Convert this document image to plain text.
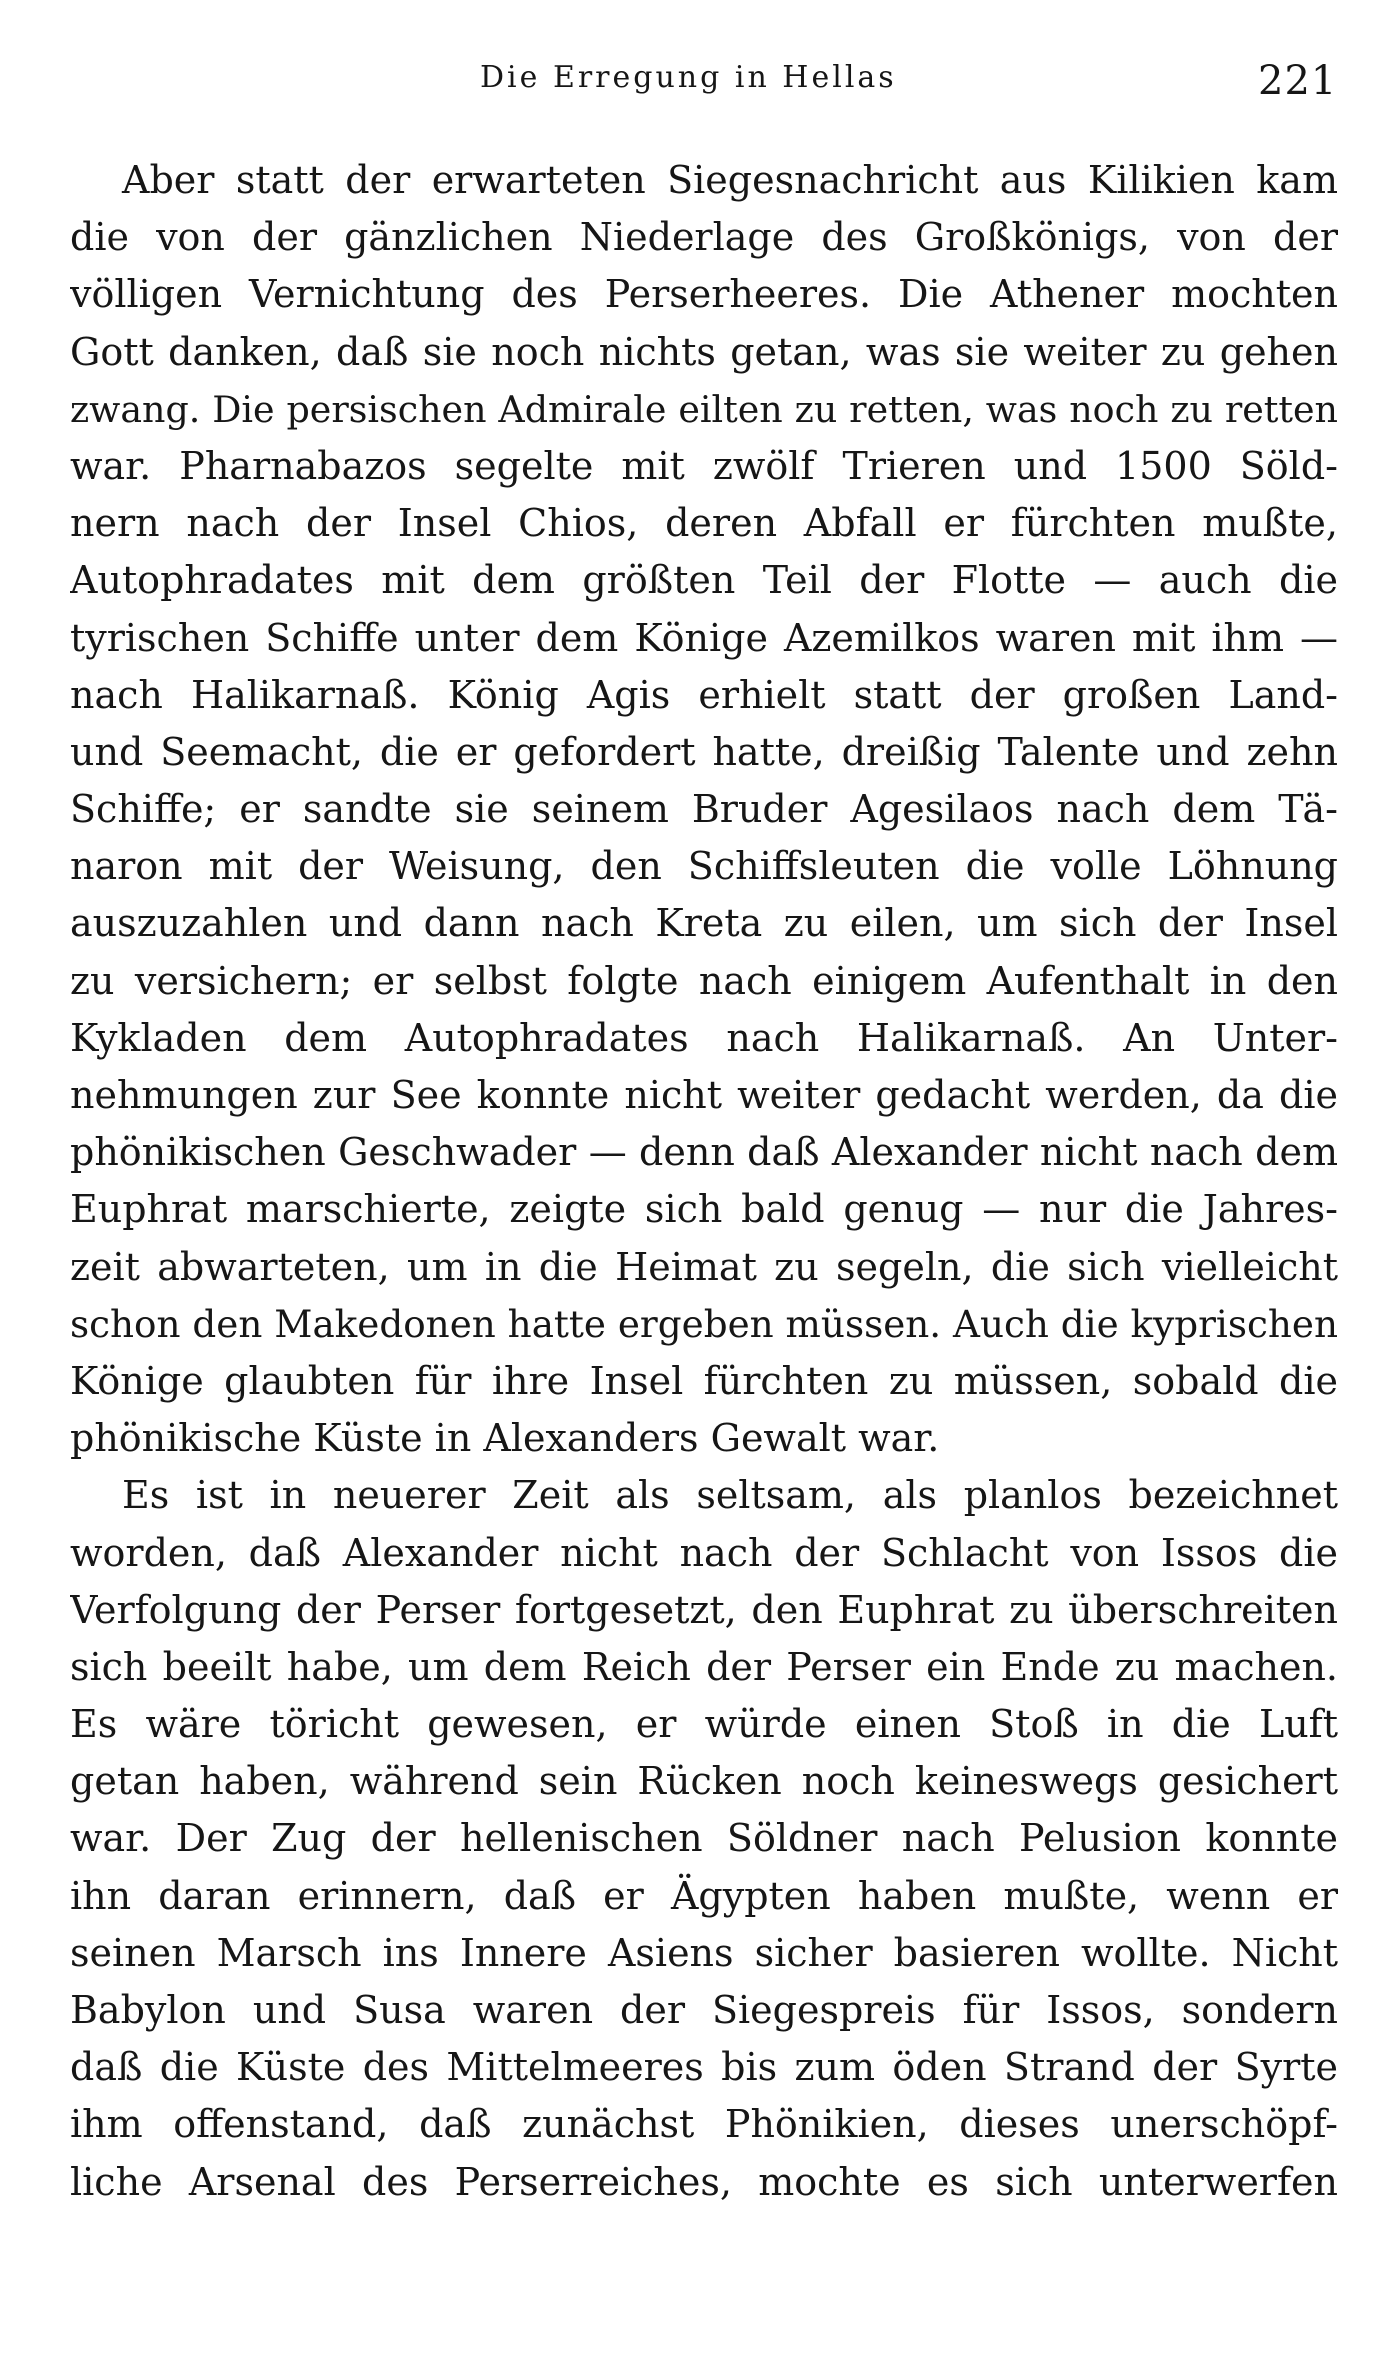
Die Erregung in Hellas	221
Aber statt der erwarteten Siegesnachricht aus Kilikien kam
die von der gänzlichen Niederlage des Großkönigs, von der
völligen Vernichtung des Perserheeres. Die Athener mochten
Gott danken, daß sie noch nichts getan, was sie weiter zu gehen
zwang. Die persischen Admirale eilten zu retten, was noch zu retten
war. Pharnabazos segelte mit zwölf Trieren und 1500 Söld-
nern nach der Insel Chios, deren Abfall er fürchten mußte,
Autophradates mit dem größten Teil der Flotte — auch die
tyrischen Schiffe unter dem Könige Azemilkos waren mit ihm —
nach Halikarnaß. König Agis erhielt statt der großen Land-
und Seemacht, die er gefordert hatte, dreißig Talente und zehn
Schiffe; er sandte sie seinem Bruder Agesilaos nach dem Tä-
naron mit der Weisung, den Schiffsleuten die volle Löhnung
auszuzahlen und dann nach Kreta zu eilen, um sich der Insel
zu versichern; er selbst folgte nach einigem Aufenthalt in den
Kykladen dem Autophradates nach Halikarnaß. An Unter-
nehmungen zur See konnte nicht weiter gedacht werden, da die
phönikischen Geschwader — denn daß Alexander nicht nach dem
Euphrat marschierte, zeigte sich bald genug — nur die Jahres-
zeit abwarteten, um in die Heimat zu segeln, die sich vielleicht
schon den Makedonen hatte ergeben müssen. Auch die kyprischen
Könige glaubten für ihre Insel fürchten zu müssen, sobald die
phönikische Küste in Alexanders Gewalt war.
Es ist in neuerer Zeit als seltsam, als planlos bezeichnet
worden, daß Alexander nicht nach der Schlacht von Issos die
Verfolgung der Perser fortgesetzt, den Euphrat zu überschreiten
sich beeilt habe, um dem Reich der Perser ein Ende zu machen.
Es wäre töricht gewesen, er würde einen Stoß in die Luft
getan haben, während sein Rücken noch keineswegs gesichert
war. Der Zug der hellenischen Söldner nach Pelusion konnte
ihn daran erinnern, daß er Ägypten haben mußte, wenn er
seinen Marsch ins Innere Asiens sicher basieren wollte. Nicht
Babylon und Susa waren der Siegespreis für Issos, sondern
daß die Küste des Mittelmeeres bis zum öden Strand der Syrte
ihm offenstand, daß zunächst Phönikien, dieses unerschöpf-
liche Arsenal des Perserreiches, mochte es sich unterwerfen
